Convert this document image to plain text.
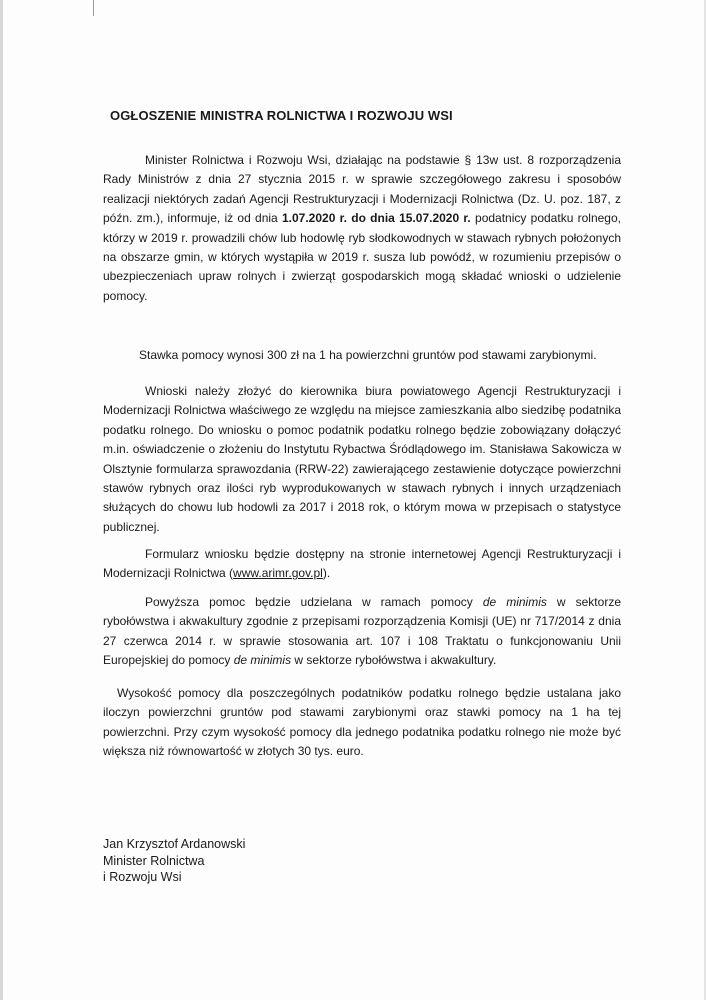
OGŁOSZENIE MINISTRA ROLNICTWA I ROZWOJU WSI
Minister Rolnictwa i Rozwoju Wsi, działając na podstawie § 13w ust. 8 rozporządzenia Rady Ministrów z dnia 27 stycznia 2015 r. w sprawie szczegółowego zakresu i sposobów realizacji niektórych zadań Agencji Restrukturyzacji i Modernizacji Rolnictwa (Dz. U. poz. 187, z późn. zm.), informuje, iż od dnia 1.07.2020 r. do dnia 15.07.2020 r. podatnicy podatku rolnego, którzy w 2019 r. prowadzili chów lub hodowlę ryb słodkowodnych w stawach rybnych położonych na obszarze gmin, w których wystąpiła w 2019 r. susza lub powódź, w rozumieniu przepisów o ubezpieczeniach upraw rolnych i zwierząt gospodarskich mogą składać wnioski o udzielenie pomocy.
Stawka pomocy wynosi 300 zł na 1 ha powierzchni gruntów pod stawami zarybionymi.
Wnioski należy złożyć do kierownika biura powiatowego Agencji Restrukturyzacji i Modernizacji Rolnictwa właściwego ze względu na miejsce zamieszkania albo siedzibę podatnika podatku rolnego. Do wniosku o pomoc podatnik podatku rolnego będzie zobowiązany dołączyć m.in. oświadczenie o złożeniu do Instytutu Rybactwa Śródlądowego im. Stanisława Sakowicza w Olsztynie formularza sprawozdania (RRW-22) zawierającego zestawienie dotyczące powierzchni stawów rybnych oraz ilości ryb wyprodukowanych w stawach rybnych i innych urządzeniach służących do chowu lub hodowli za 2017 i 2018 rok, o którym mowa w przepisach o statystyce publicznej.
Formularz wniosku będzie dostępny na stronie internetowej Agencji Restrukturyzacji i Modernizacji Rolnictwa (www.arimr.gov.pl).
Powyższa pomoc będzie udzielana w ramach pomocy de minimis w sektorze rybołówstwa i akwakultury zgodnie z przepisami rozporządzenia Komisji (UE) nr 717/2014 z dnia 27 czerwca 2014 r. w sprawie stosowania art. 107 i 108 Traktatu o funkcjonowaniu Unii Europejskiej do pomocy de minimis w sektorze rybołówstwa i akwakultury.
Wysokość pomocy dla poszczególnych podatników podatku rolnego będzie ustalana jako iloczyn powierzchni gruntów pod stawami zarybionymi oraz stawki pomocy na 1 ha tej powierzchni. Przy czym wysokość pomocy dla jednego podatnika podatku rolnego nie może być większa niż równowartość w złotych 30 tys. euro.
Jan Krzysztof Ardanowski
Minister Rolnictwa
i Rozwoju Wsi
